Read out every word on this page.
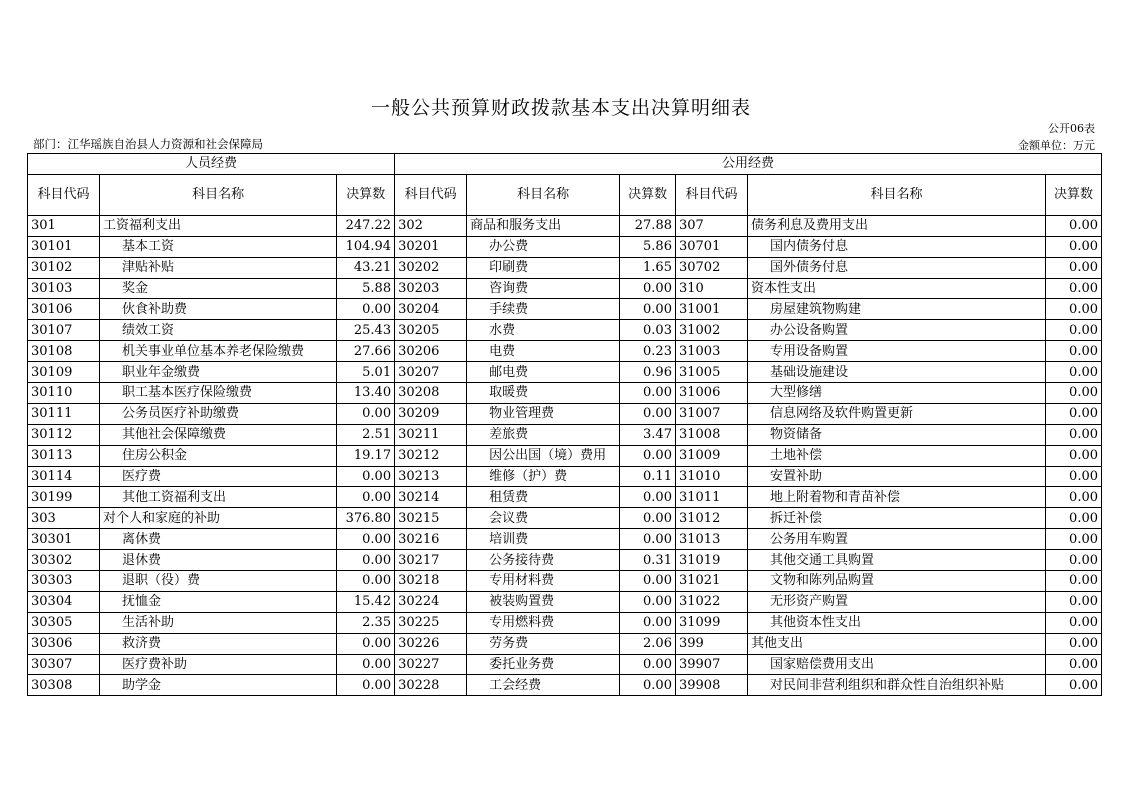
一般公共预算财政拨款基本支出决算明细表
公开06表
部门：江华瑶族自治县人力资源和社会保障局	金额单位：万元
人员经费			公用经费					
科目代码	科目名称	决算数	科目代码	科目名称	决算数	科目代码	科目名称	决算数
301	工资福利支出	247.22	302	商品和服务支出	27.88	307	债务利息及费用支出	0.00
30101	基本工资	104.94	30201	办公费	5.86	30701	国内债务付息	0.00
30102	津贴补贴	43.21	30202	印刷费	1.65	30702	国外债务付息	0.00
30103	奖金	5.88	30203	咨询费	0.00	310	资本性支出	0.00
30106	伙食补助费	0.00	30204	手续费	0.00	31001	房屋建筑物购建	0.00
30107	绩效工资	25.43	30205	水费	0.03	31002	办公设备购置	0.00
30108	机关事业单位基本养老保险缴费	27.66	30206	电费	0.23	31003	专用设备购置	0.00
30109	职业年金缴费	5.01	30207	邮电费	0.96	31005	基础设施建设	0.00
30110	职工基本医疗保险缴费	13.40	30208	取暖费	0.00	31006	大型修缮	0.00
30111	公务员医疗补助缴费	0.00	30209	物业管理费	0.00	31007	信息网络及软件购置更新	0.00
30112	其他社会保障缴费	2.51	30211	差旅费	3.47	31008	物资储备	0.00
30113	住房公积金	19.17	30212	因公出国（境）费用	0.00	31009	土地补偿	0.00
30114	医疗费	0.00	30213	维修（护）费	0.11	31010	安置补助	0.00
30199	其他工资福利支出	0.00	30214	租赁费	0.00	31011	地上附着物和青苗补偿	0.00
303	对个人和家庭的补助	376.80	30215	会议费	0.00	31012	拆迁补偿	0.00
30301	离休费	0.00	30216	培训费	0.00	31013	公务用车购置	0.00
30302	退休费	0.00	30217	公务接待费	0.31	31019	其他交通工具购置	0.00
30303	退职（役）费	0.00	30218	专用材料费	0.00	31021	文物和陈列品购置	0.00
30304	抚恤金	15.42	30224	被装购置费	0.00	31022	无形资产购置	0.00
30305	生活补助	2.35	30225	专用燃料费	0.00	31099	其他资本性支出	0.00
30306	救济费	0.00	30226	劳务费	2.06	399	其他支出	0.00
30307	医疗费补助	0.00	30227	委托业务费	0.00	39907	国家赔偿费用支出	0.00
30308	助学金	0.00	30228	工会经费	0.00	39908	对民间非营利组织和群众性自治组织补贴	0.00
